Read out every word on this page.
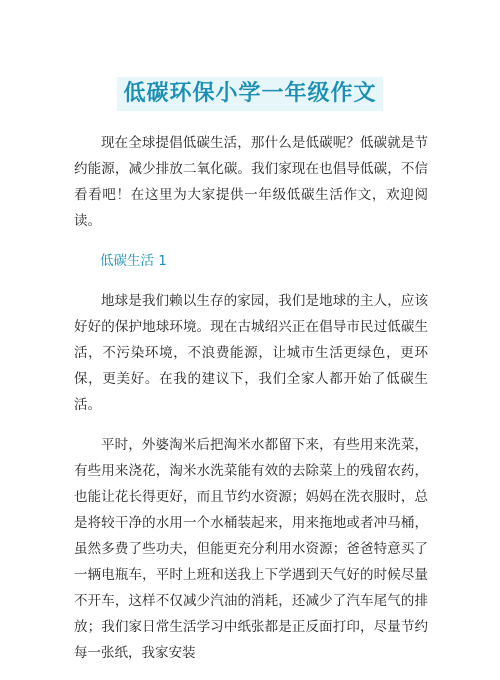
低碳环保小学一年级作文

现在全球提倡低碳生活，那什么是低碳呢？低碳就是节约能源，减少排放二氧化碳。我们家现在也倡导低碳，不信看看吧！在这里为大家提供一年级低碳生活作文，欢迎阅读。

低碳生活 1

地球是我们赖以生存的家园，我们是地球的主人，应该好好的保护地球环境。现在古城绍兴正在倡导市民过低碳生活，不污染环境，不浪费能源，让城市生活更绿色，更环保，更美好。在我的建议下，我们全家人都开始了低碳生活。

平时，外婆淘米后把淘米水都留下来，有些用来洗菜，有些用来浇花，淘米水洗菜能有效的去除菜上的残留农药，也能让花长得更好，而且节约水资源；妈妈在洗衣服时，总是将较干净的水用一个水桶装起来，用来拖地或者冲马桶，虽然多费了些功夫，但能更充分利用水资源；爸爸特意买了一辆电瓶车，平时上班和送我上下学遇到天气好的时候尽量不开车，这样不仅减少汽油的消耗，还减少了汽车尾气的排放；我们家日常生活学习中纸张都是正反面打印，尽量节约每一张纸，我家安装
